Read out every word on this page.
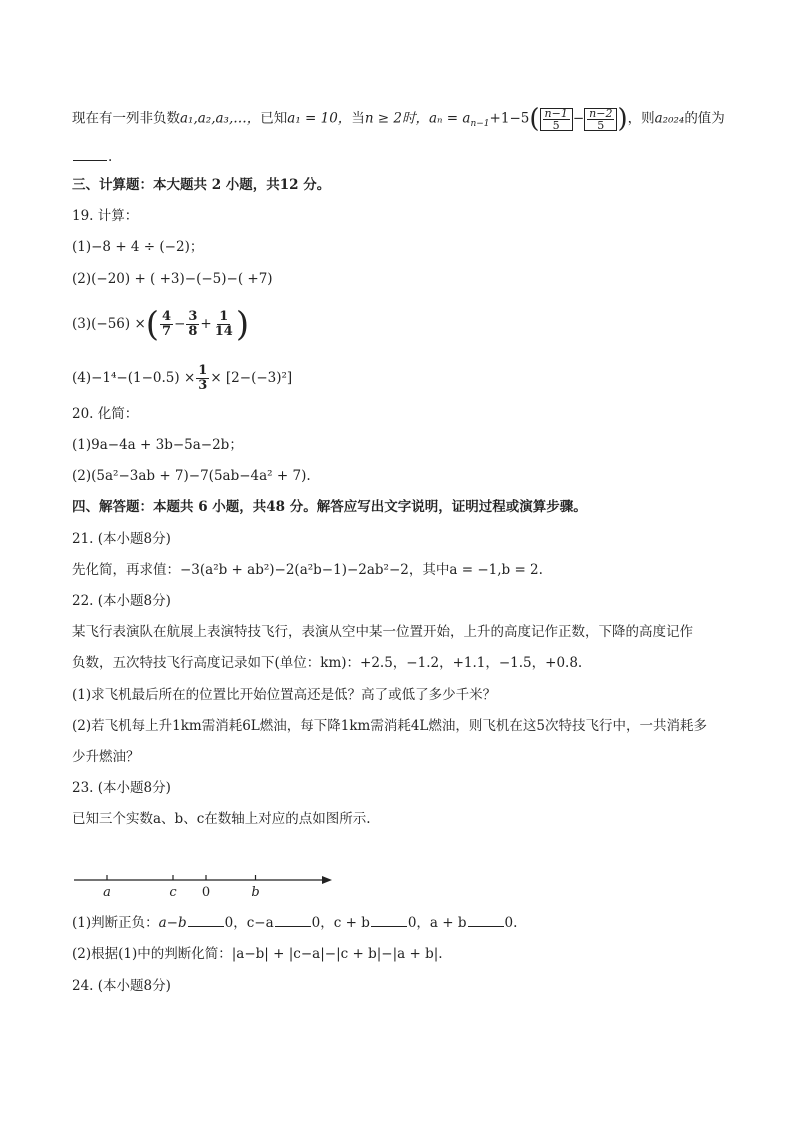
现在有一列非负数a₁,a₂,a₃,…，已知a₁ = 10，当n ≥ 2时，$a_n = a_{n-1}+1-5( \frac{n-1}{5} - \frac{n-2}{5}$ )，则a₂₀₂₄的值为
.
三、计算题：本大题共 2 小题，共12 分。
19. 计算：
(1)−8 + 4 ÷ (−2)；
(2)(−20) + ( +3)−(−5)−( +7)
(3)(−56) ×( $\frac{4}{7} - \frac{3}{8} + \frac{1}{14}$ )
$(4)-1^4-(1-0.5) \times \frac{1}{3} \times [2-(-3)^2]$
20. 化简：
(1)9a−4a + 3b−5a−2b；
(2)(5a²−3ab + 7)−7(5ab−4a² + 7).
四、解答题：本题共 6 小题，共48 分。解答应写出文字说明，证明过程或演算步骤。
21. (本小题8分)
先化简，再求值：−3(a²b + ab²)−2(a²b−1)−2ab²−2，其中a = −1,b = 2.
22. (本小题8分)
某飞行表演队在航展上表演特技飞行，表演从空中某一位置开始，上升的高度记作正数，下降的高度记作
负数，五次特技飞行高度记录如下(单位：km)：+2.5，−1.2，+1.1，−1.5，+0.8.
(1)求飞机最后所在的位置比开始位置高还是低？高了或低了多少千米？
(2)若飞机每上升1km需消耗6L燃油，每下降1km需消耗4L燃油，则飞机在这5次特技飞行中，一共消耗多
少升燃油？
23. (本小题8分)
已知三个实数a、b、c在数轴上对应的点如图所示.
a	c 0	b
(1)判断正负：a−b	0，c−a	0，c + b	0，a + b	0.
(2)根据(1)中的判断化简：|a−b| + |c−a|−|c + b|−|a + b|.
24. (本小题8分)
